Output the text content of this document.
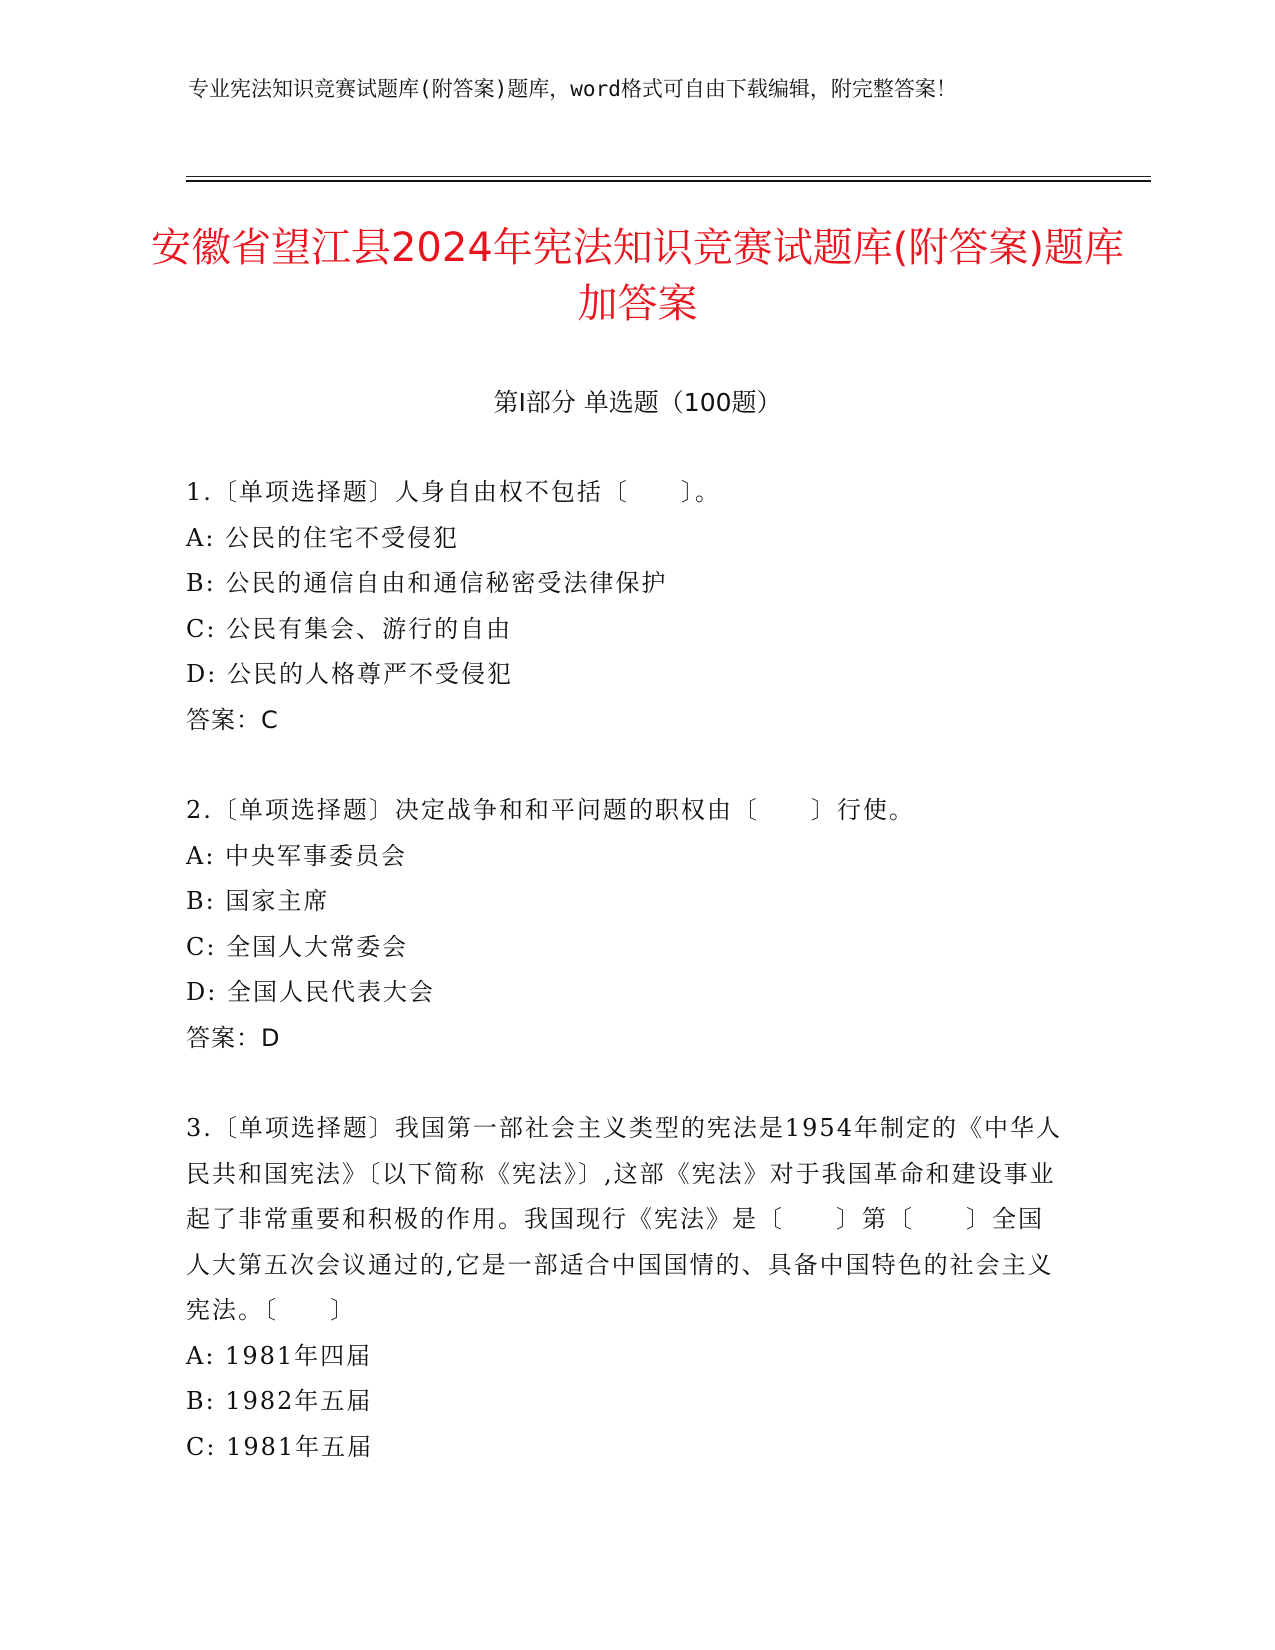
专业宪法知识竞赛试题库(附答案)题库，word格式可自由下载编辑，附完整答案！
安徽省望江县2024年宪法知识竞赛试题库(附答案)题库加答案
第Ⅰ部分 单选题（100题）
1.〔单项选择题〕人身自由权不包括〔　　〕。
A: 公民的住宅不受侵犯
B: 公民的通信自由和通信秘密受法律保护
C: 公民有集会、游行的自由
D: 公民的人格尊严不受侵犯
答案：C
2.〔单项选择题〕决定战争和和平问题的职权由〔　　〕行使。
A: 中央军事委员会
B: 国家主席
C: 全国人大常委会
D: 全国人民代表大会
答案：D
3.〔单项选择题〕我国第一部社会主义类型的宪法是1954年制定的《中华人民共和国宪法》〔以下简称《宪法》〕,这部《宪法》对于我国革命和建设事业起了非常重要和积极的作用。我国现行《宪法》是〔　　〕第〔　　〕全国人大第五次会议通过的,它是一部适合中国国情的、具备中国特色的社会主义宪法。〔　　〕
A: 1981年四届
B: 1982年五届
C: 1981年五届
